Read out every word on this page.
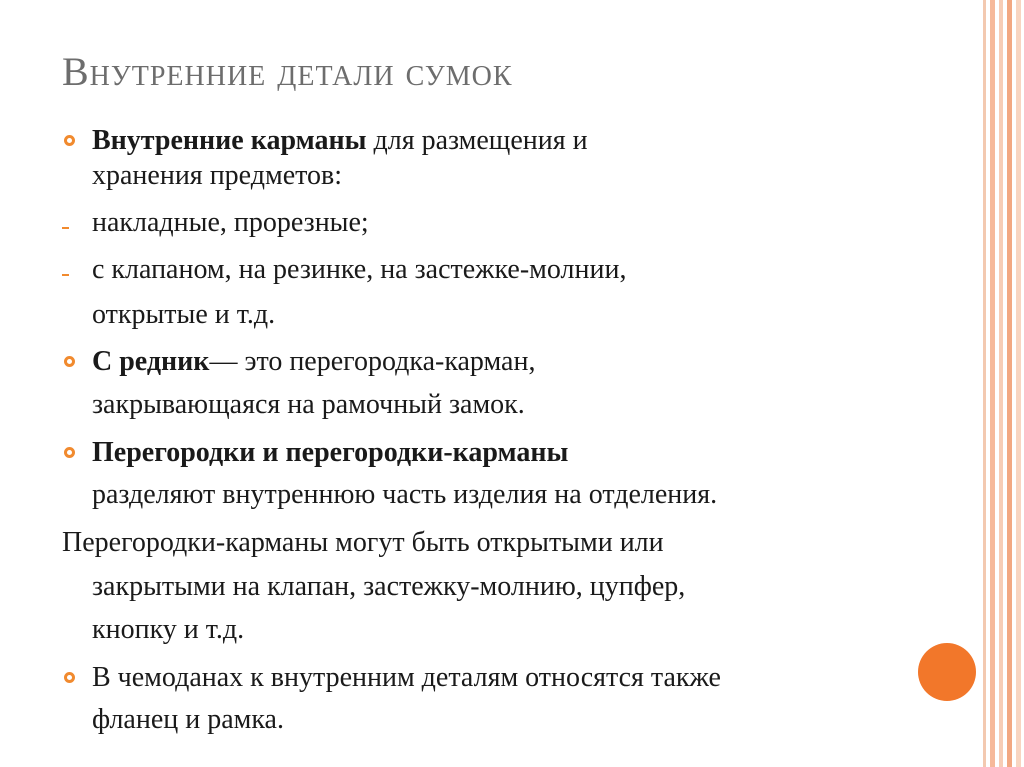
Внутренние детали сумок
Внутренние карманы для размещения и
хранения предметов:
накладные, прорезные;
с клапаном, на резинке, на застежке-молнии,
открытые и т.д.
С редник— это перегородка-карман,
закрывающаяся на рамочный замок.
Перегородки и перегородки-карманы
разделяют внутреннюю часть изделия на отделения.
Перегородки-карманы могут быть открытыми или
закрытыми на клапан, застежку-молнию, цупфер,
кнопку и т.д.
В чемоданах к внутренним деталям относятся также
фланец и рамка.
